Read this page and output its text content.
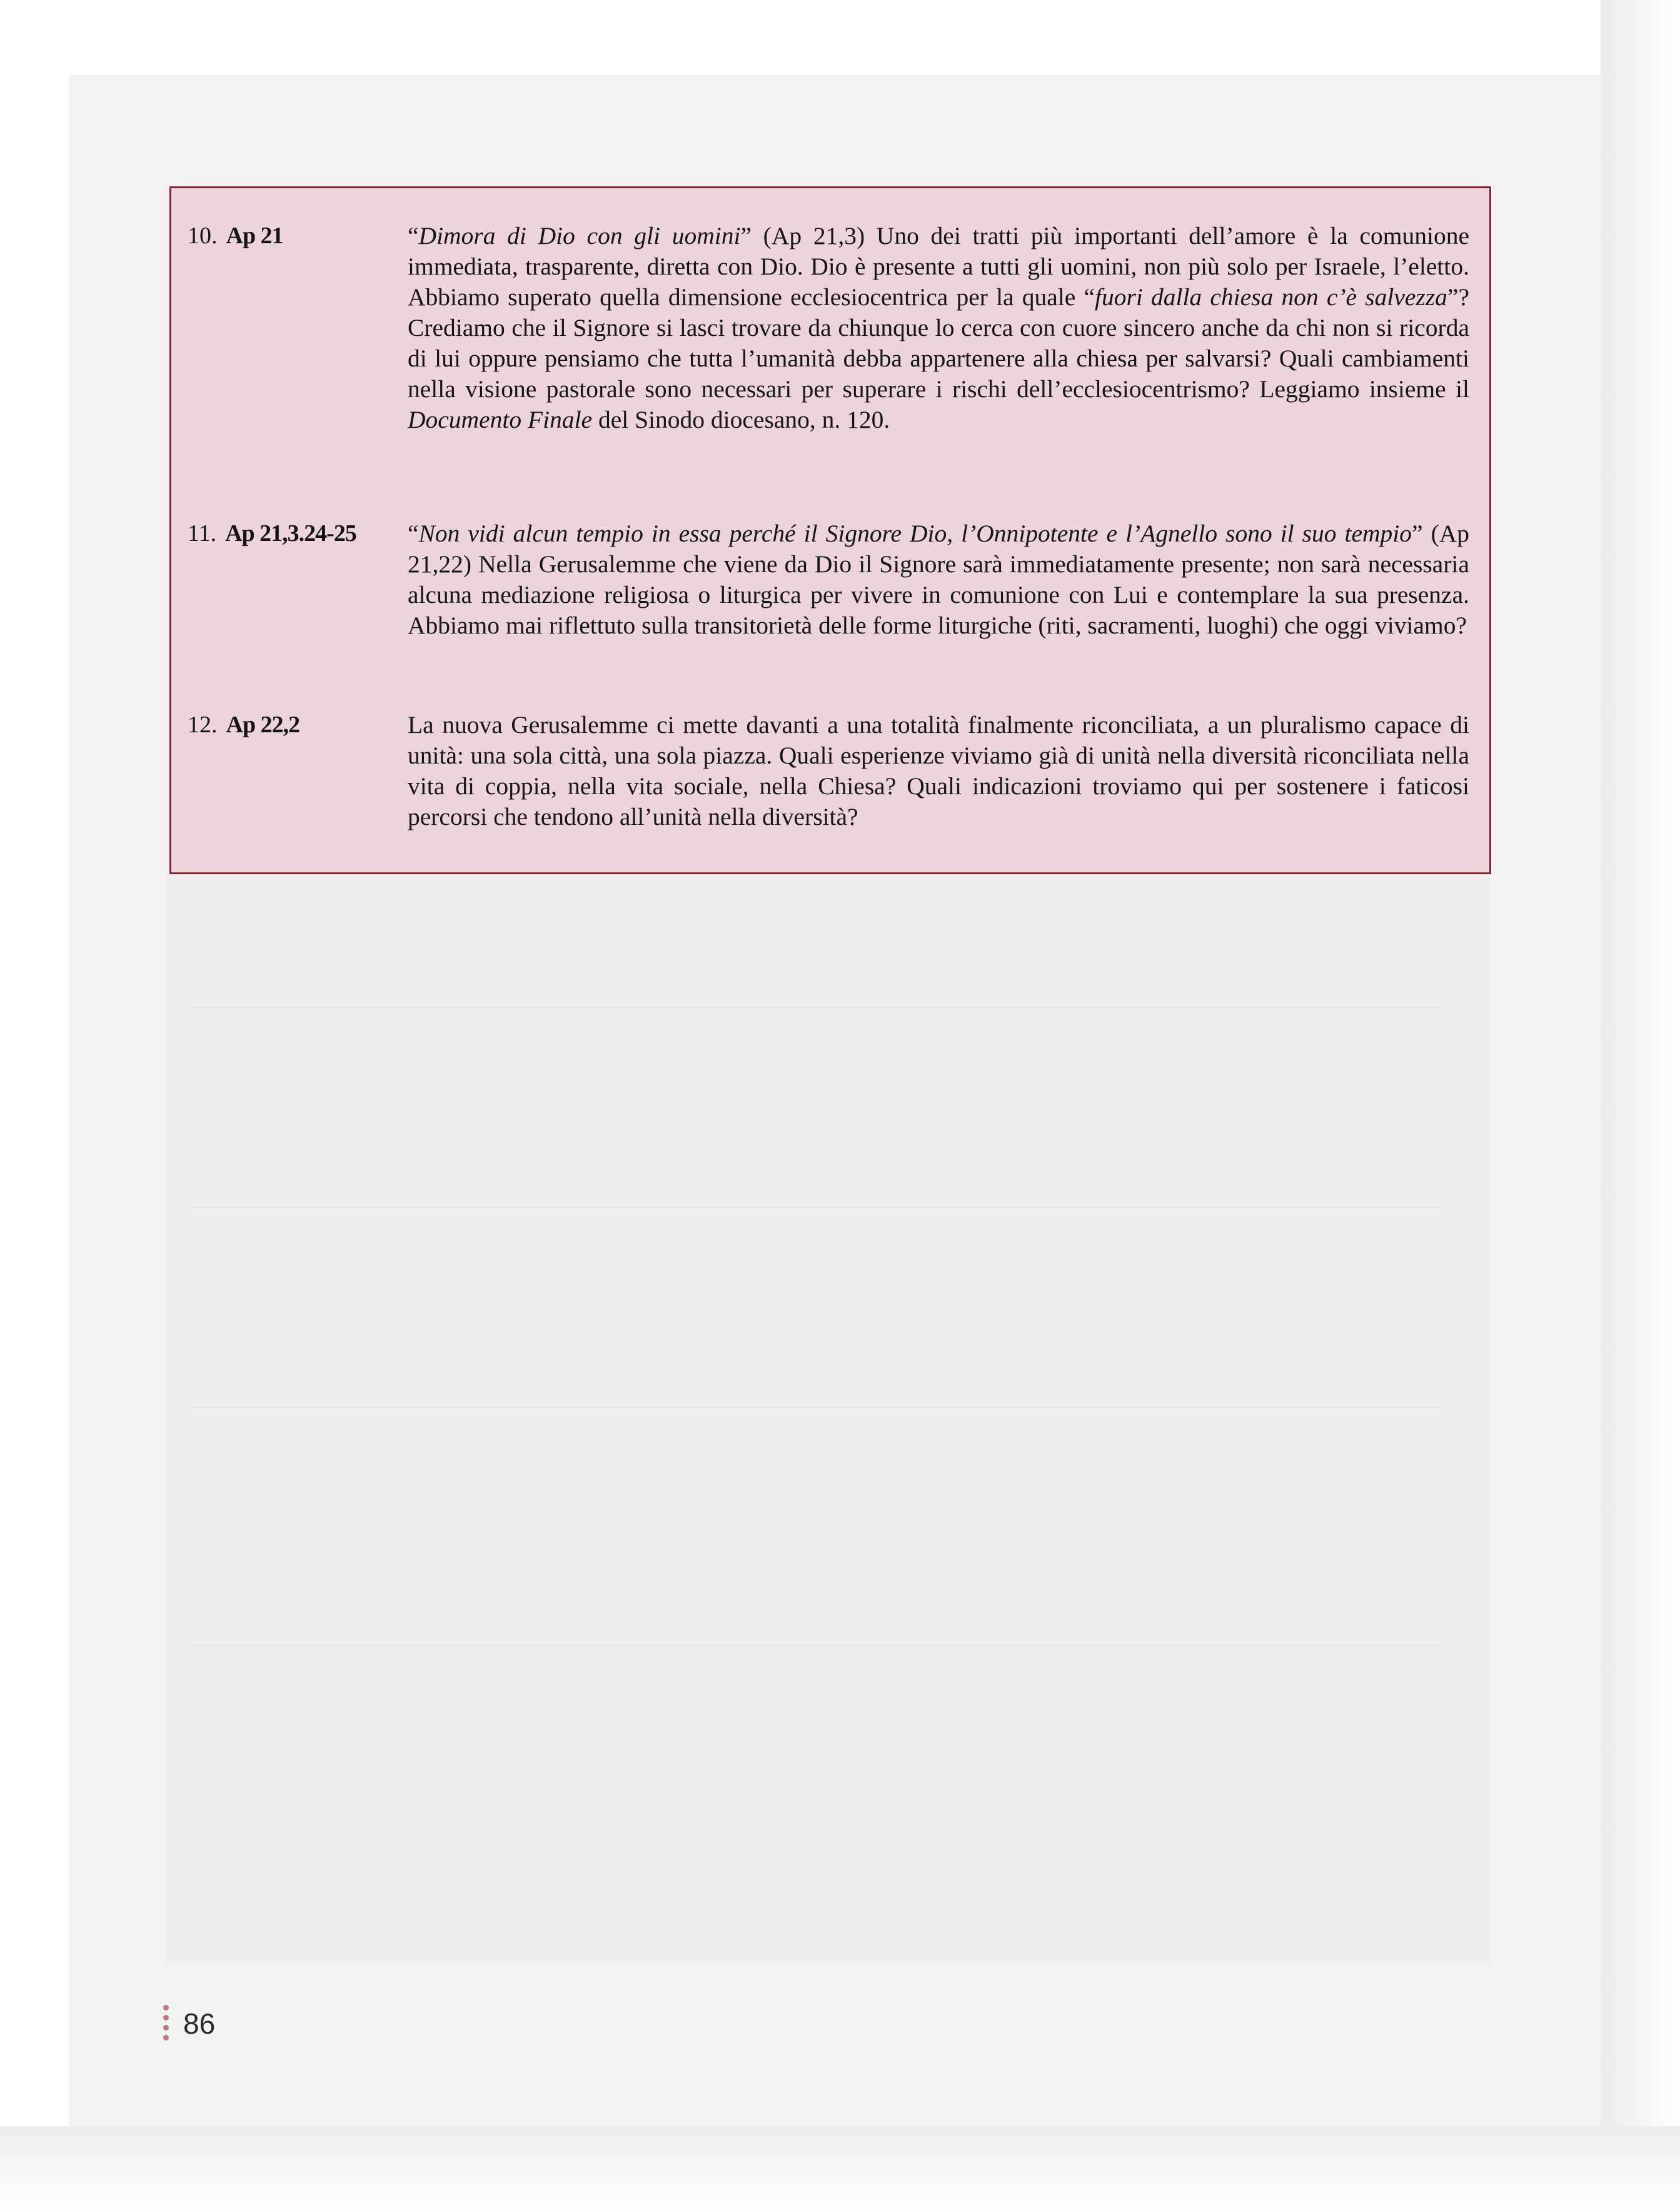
10. Ap 21	“Dimora di Dio con gli uomini” (Ap 21,3) Uno dei tratti più importanti dell’amore è la comunione immediata, trasparente, diretta con Dio. Dio è presente a tutti gli uomini, non più solo per Israele, l’eletto. Abbiamo superato quella dimensione ecclesiocentrica per la quale “fuori dalla chiesa non c’è salvezza”? Crediamo che il Signore si lasci trovare da chiunque lo cerca con cuore sincero anche da chi non si ricorda di lui oppure pensiamo che tutta l’umanità debba appartenere alla chiesa per salvarsi? Quali cambiamenti nella visione pastorale sono necessari per superare i rischi dell’ecclesiocentrismo? Leggiamo insieme il Documento Finale del Sinodo diocesano, n. 120.
11. Ap 21,3.24-25 “Non vidi alcun tempio in essa perché il Signore Dio, l’Onnipotente e l’Agnello sono il suo tempio” (Ap 21,22) Nella Gerusalemme che viene da Dio il Signore sarà immediatamente presente; non sarà necessaria alcuna mediazione religiosa o liturgica per vivere in comunione con Lui e contemplare la sua presenza. Abbiamo mai riflettuto sulla transitorietà delle forme liturgiche (riti, sacramenti, luoghi) che oggi viviamo?
12. Ap 22,2	La nuova Gerusalemme ci mette davanti a una totalità finalmente riconciliata, a un pluralismo capace di unità: una sola città, una sola piazza. Quali esperienze viviamo già di unità nella diversità riconciliata nella vita di coppia, nella vita sociale, nella Chiesa? Quali indicazioni troviamo qui per sostenere i faticosi percorsi che tendono all’unità nella diversità?
86
